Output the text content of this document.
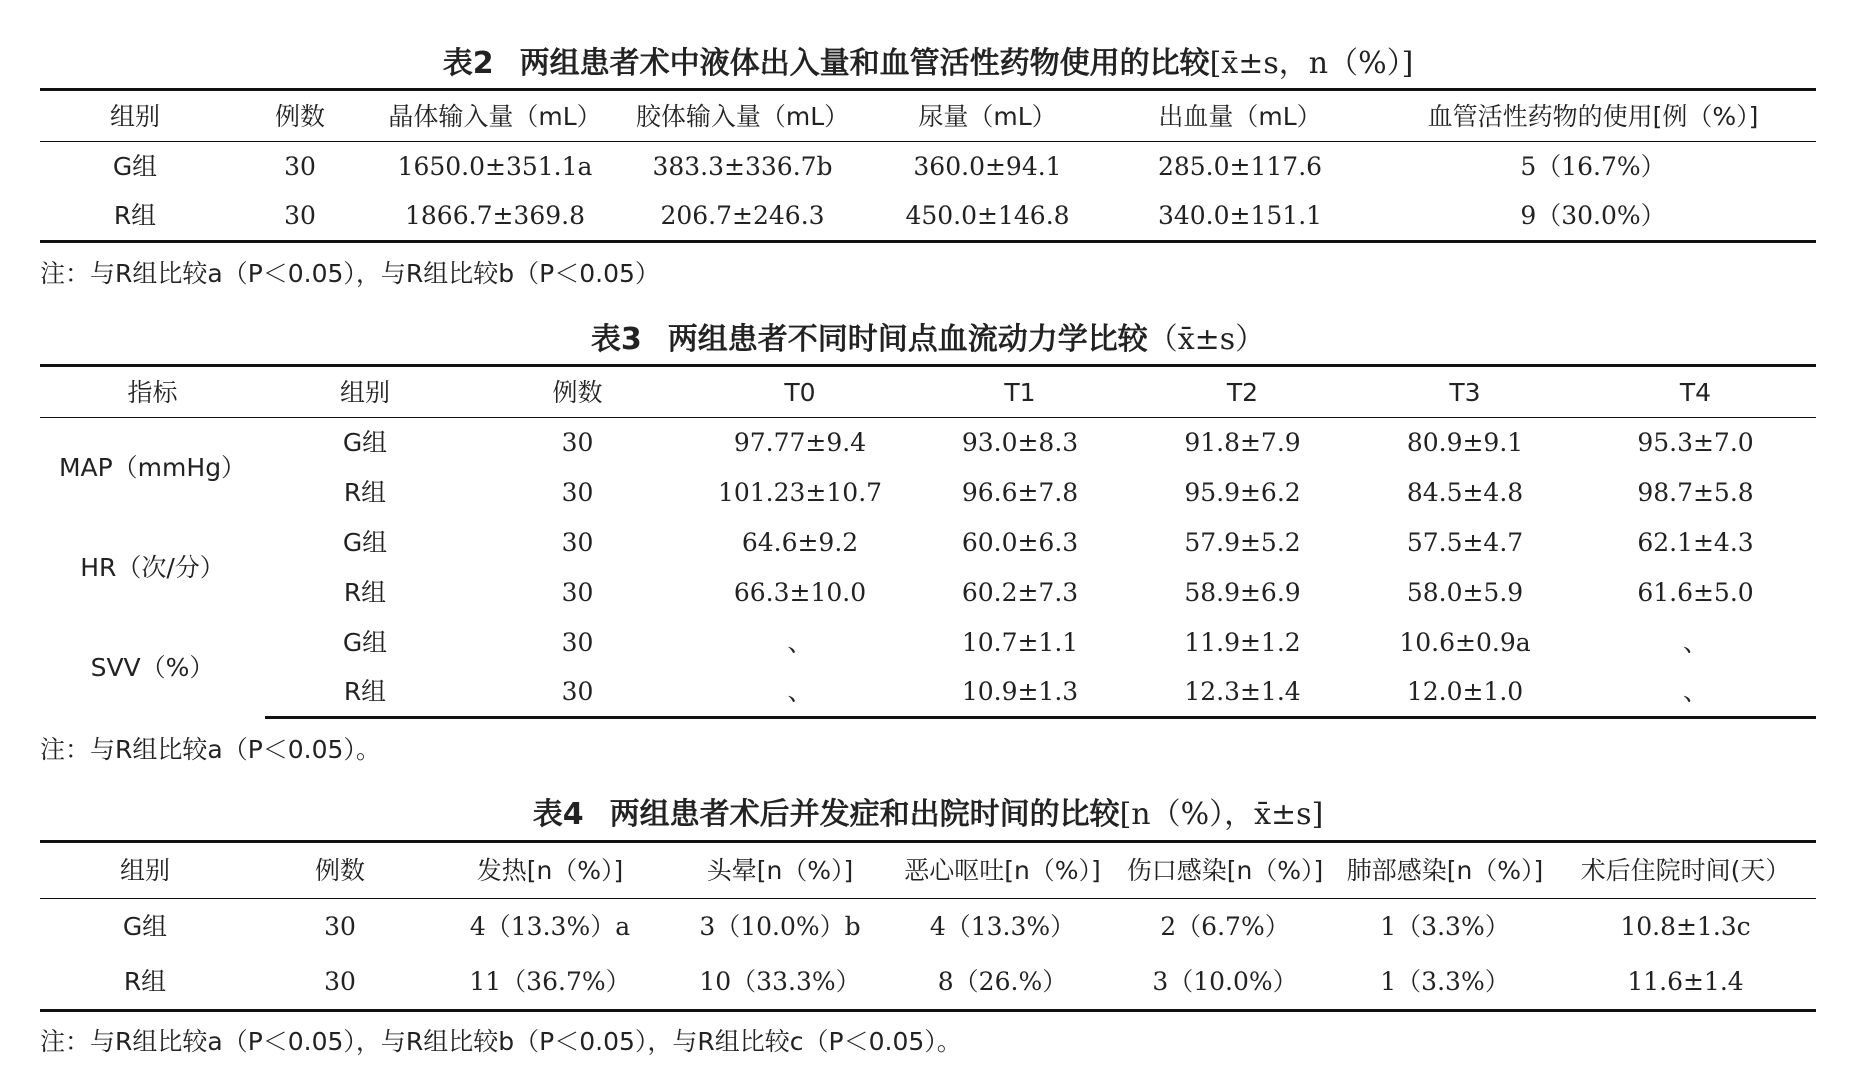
表2 两组患者术中液体出入量和血管活性药物使用的比较[x̄±s，n（%）]
组别	例数	晶体输入量（mL）	胶体输入量（mL）	尿量（mL）	出血量（mL）	血管活性药物的使用[例（%）]
G组	30	1650.0±351.1a	383.3±336.7b	360.0±94.1	285.0±117.6	5（16.7%）
R组	30	1866.7±369.8	206.7±246.3	450.0±146.8	340.0±151.1	9（30.0%）
注：与R组比较a（P＜0.05），与R组比较b（P＜0.05）
表3 两组患者不同时间点血流动力学比较（x̄±s）
指标	组别	例数	T0	T1	T2	T3	T4
MAP（mmHg）	G组	30	97.77±9.4	93.0±8.3	91.8±7.9	80.9±9.1	95.3±7.0
	R组	30	101.23±10.7	96.6±7.8	95.9±6.2	84.5±4.8	98.7±5.8
HR（次/分）	G组	30	64.6±9.2	60.0±6.3	57.9±5.2	57.5±4.7	62.1±4.3
	R组	30	66.3±10.0	60.2±7.3	58.9±6.9	58.0±5.9	61.6±5.0
SVV（%）	G组	30	、	10.7±1.1	11.9±1.2	10.6±0.9a	、
	R组	30	、	10.9±1.3	12.3±1.4	12.0±1.0	、
注：与R组比较a（P＜0.05）。
表4 两组患者术后并发症和出院时间的比较[n（%），x̄±s]
组别	例数	发热[n（%）]	头晕[n（%）]	恶心呕吐[n（%）]	伤口感染[n（%）]	肺部感染[n（%）]	术后住院时间(天）
G组	30	4（13.3%）a	3（10.0%）b	4（13.3%）	2（6.7%）	1（3.3%）	10.8±1.3c
R组	30	11（36.7%）	10（33.3%）	8（26.%）	3（10.0%）	1（3.3%）	11.6±1.4
注：与R组比较a（P＜0.05），与R组比较b（P＜0.05），与R组比较c（P＜0.05）。
